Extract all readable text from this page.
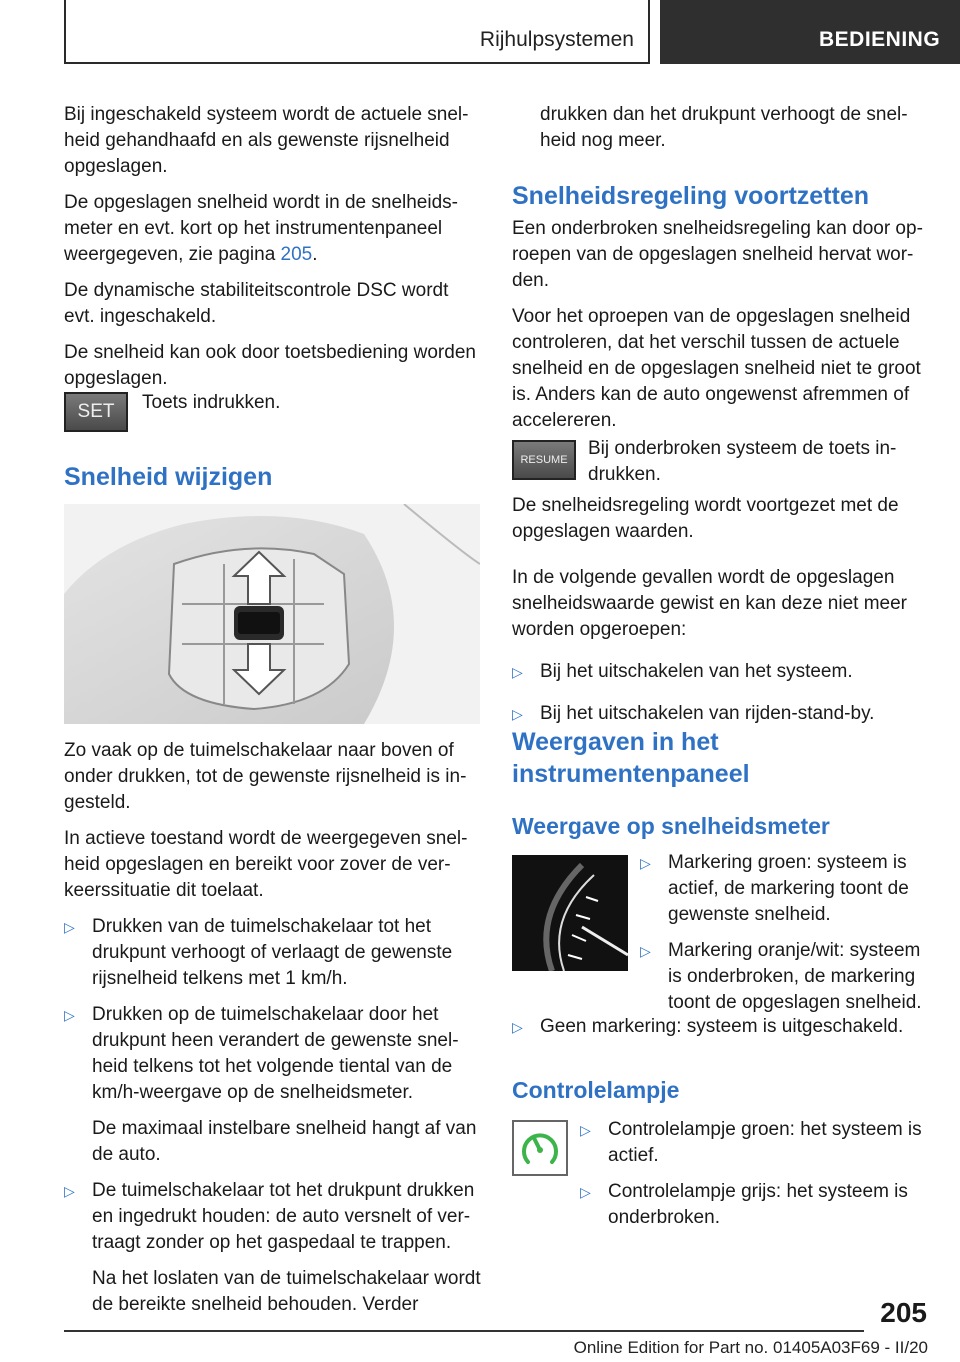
Rijhulpsystemen	BEDIENING

Bij ingeschakeld systeem wordt de actuele snel-heid gehandhaafd en als gewenste rijsnelheid opgeslagen.

De opgeslagen snelheid wordt in de snelheids-meter en evt. kort op het instrumentenpaneel weergegeven, zie pagina 205.

De dynamische stabiliteitscontrole DSC wordt evt. ingeschakeld.

De snelheid kan ook door toetsbediening worden opgeslagen.

SET Toets indrukken.
Snelheid wijzigen

Zo vaak op de tuimelschakelaar naar boven of onder drukken, tot de gewenste rijsnelheid is in-gesteld.

In actieve toestand wordt de weergegeven snel-heid opgeslagen en bereikt voor zover de ver-keerssituatie dit toelaat.

▷ Drukken van de tuimelschakelaar tot het drukpunt verhoogt of verlaagt de gewenste rijsnelheid telkens met 1 km/h.
▷ Drukken op de tuimelschakelaar door het drukpunt heen verandert de gewenste snel-heid telkens tot het volgende tiental van de km/h-weergave op de snelheidsmeter.
De maximaal instelbare snelheid hangt af van de auto.
▷ De tuimelschakelaar tot het drukpunt drukken en ingedrukt houden: de auto versnelt of ver-traagt zonder op het gaspedaal te trappen.
Na het loslaten van de tuimelschakelaar wordt de bereikte snelheid behouden. Verder
drukken dan het drukpunt verhoogt de snel-heid nog meer.
Snelheidsregeling voortzetten

Een onderbroken snelheidsregeling kan door op-roepen van de opgeslagen snelheid hervat wor-den.

Voor het oproepen van de opgeslagen snelheid controleren, dat het verschil tussen de actuele snelheid en de opgeslagen snelheid niet te groot is. Anders kan de auto ongewenst afremmen of accelereren.

RESUME
Bij onderbroken systeem de toets in-drukken.

De snelheidsregeling wordt voortgezet met de opgeslagen waarden.

In de volgende gevallen wordt de opgeslagen snelheidswaarde gewist en kan deze niet meer worden opgeroepen:

▷ Bij het uitschakelen van het systeem.
▷ Bij het uitschakelen van rijden-stand-by.
Weergaven in het instrumentenpaneel
Weergave op snelheidsmeter
▷ Markering groen: systeem is actief, de markering toont de gewenste snelheid.
▷ Markering oranje/wit: systeem is onderbroken, de markering toont de opgeslagen snelheid.
▷ Geen markering: systeem is uitgeschakeld.
Controlelampje
▷ Controlelampje groen: het systeem is actief.
▷ Controlelampje grijs: het systeem is onderbroken.
205
Online Edition for Part no. 01405A03F69 - II/20
